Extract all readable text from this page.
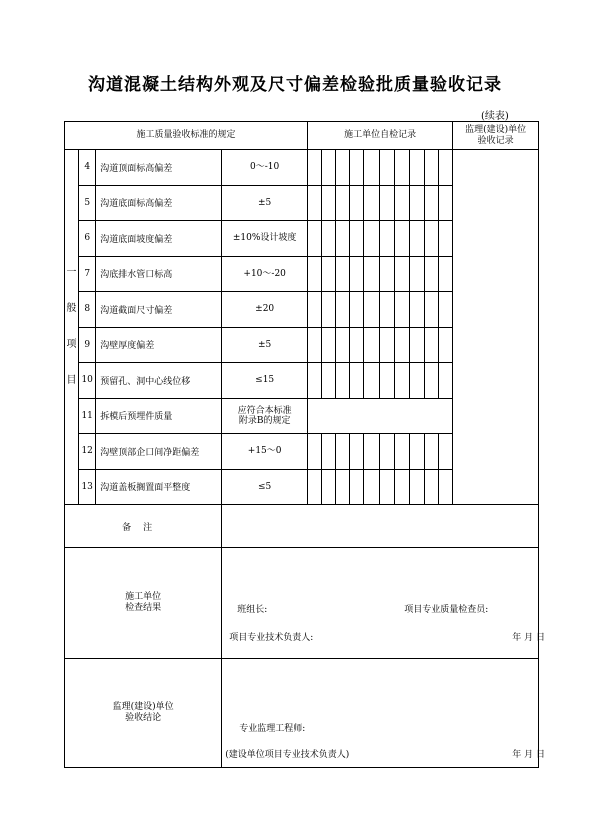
沟道混凝土结构外观及尺寸偏差检验批质量验收记录
(续表)
施工质量验收标准的规定				施工单位自检记录										监理(建设)单位
验收记录

一
般
项
目	4	沟道顶面标高偏差	0～-10											
	5	沟道底面标高偏差	±5											
	6	沟道底面坡度偏差	±10%设计坡度											
	7	沟底排水管口标高	+10～-20											
	8	沟道截面尺寸偏差	±20											
	9	沟壁厚度偏差	±5											
	10	预留孔、洞中心线位移	≤15											
	11	拆模后预埋件质量	应符合本标准
附录B的规定											
	12	沟壁顶部企口间净距偏差	+15～0											
	13	沟道盖板搁置面平整度	≤5											
备注														
施工单位
检查结果			班组长: 项目专业质量检查员:
项目专业技术负责人: 年 月 日											

监理(建设)单位
验收结论			专业监理工程师:
(建设单位项目专业技术负责人) 年 月 日											
